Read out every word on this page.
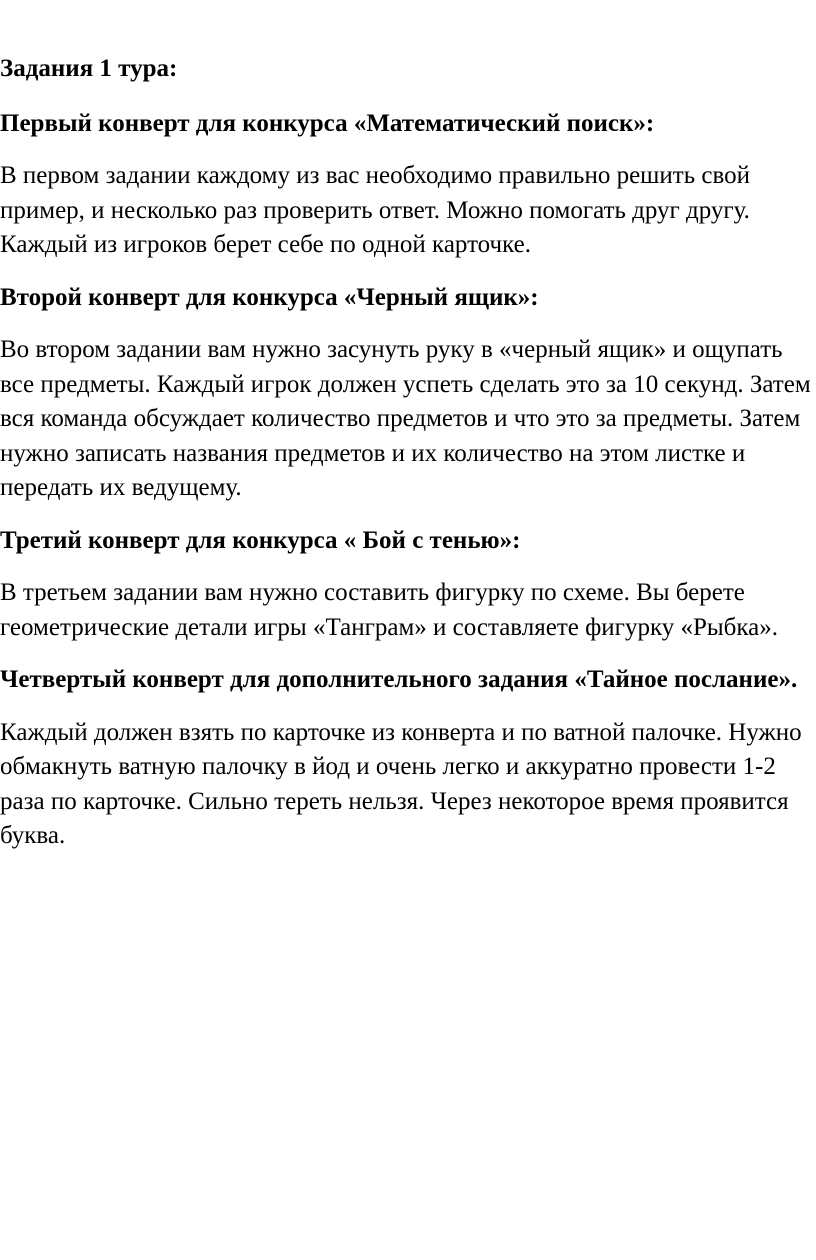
Задания 1 тура:
Первый конверт для конкурса «Математический поиск»:
В первом задании каждому из вас необходимо правильно решить свой пример, и несколько раз проверить ответ. Можно помогать друг другу. Каждый из игроков берет себе по одной карточке.
Второй конверт для конкурса «Черный ящик»:
Во втором задании вам нужно засунуть руку в «черный ящик» и ощупать все предметы. Каждый игрок должен успеть сделать это за 10 секунд. Затем вся команда обсуждает количество предметов и что это за предметы. Затем нужно записать названия предметов и их количество на этом листке и передать их ведущему.
Третий конверт для конкурса « Бой с тенью»:
В третьем задании вам нужно составить фигурку по схеме. Вы берете геометрические детали игры «Танграм» и составляете фигурку «Рыбка».
Четвертый конверт для дополнительного задания «Тайное послание».
Каждый должен взять по карточке из конверта и по ватной палочке. Нужно обмакнуть ватную палочку в йод и очень легко и аккуратно провести 1-2 раза по карточке. Сильно тереть нельзя. Через некоторое время проявится буква.
